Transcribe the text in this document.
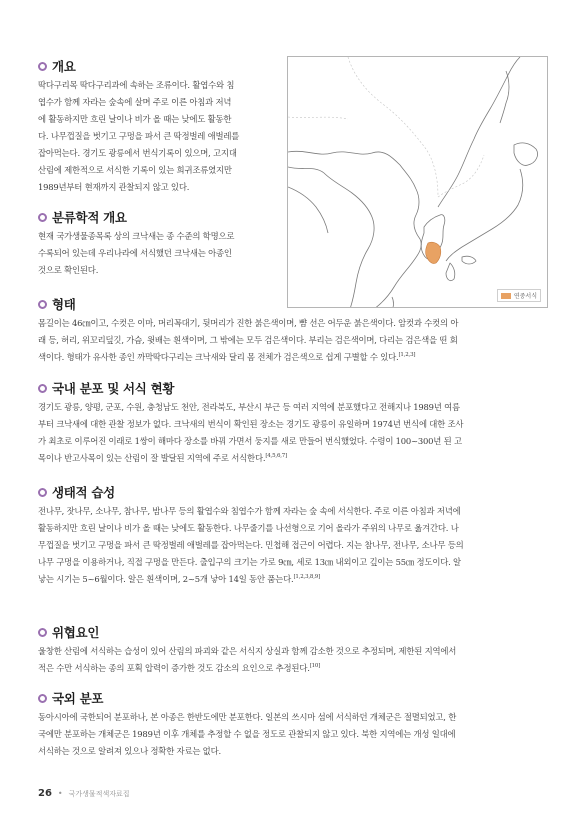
개요
딱다구리목 딱다구리과에 속하는 조류이다. 활엽수와 침
엽수가 함께 자라는 숲속에 살며 주로 이른 아침과 저녁
에 활동하지만 흐린 날이나 비가 올 때는 낮에도 활동한
다. 나무껍질을 벗기고 구멍을 파서 큰 딱정벌레 애벌레를
잡아먹는다. 경기도 광릉에서 번식기록이 있으며, 고지대
산림에 제한적으로 서식한 기록이 있는 희귀조류였지만
1989년부터 현재까지 관찰되지 않고 있다.
분류학적 개요
현재 국가생물종목록 상의 크낙새는 종 수준의 학명으로
수록되어 있는데 우리나라에 서식했던 크낙새는 아종인
것으로 확인된다.
연중서식
형태
몸길이는 46㎝이고, 수컷은 이마, 머리꼭대기, 뒷머리가 진한 붉은색이며, 뺨 선은 어두운 붉은색이다. 암컷과 수컷의 아
래 등, 허리, 위꼬리덮깃, 가슴, 윗배는 흰색이며, 그 밖에는 모두 검은색이다. 부리는 검은색이며, 다리는 검은색을 띤 회
색이다. 형태가 유사한 종인 까막딱다구리는 크낙새와 달리 몸 전체가 검은색으로 쉽게 구별할 수 있다.[1,2,3]
국내 분포 및 서식 현황
경기도 광릉, 양평, 군포, 수원, 충청남도 천안, 전라북도, 부산시 부근 등 여러 지역에 분포했다고 전해지나 1989년 여름
부터 크낙새에 대한 관찰 정보가 없다. 크낙새의 번식이 확인된 장소는 경기도 광릉이 유일하며 1974년 번식에 대한 조사
가 최초로 이루어진 이래로 1쌍이 해마다 장소를 바꿔 가면서 둥지를 새로 만들어 번식했었다. 수령이 100~300년 된 고
목이나 반고사목이 있는 산림이 잘 발달된 지역에 주로 서식한다.[4,5,6,7]
생태적 습성
전나무, 잣나무, 소나무, 참나무, 밤나무 등의 활엽수와 침엽수가 함께 자라는 숲 속에 서식한다. 주로 이른 아침과 저녁에
활동하지만 흐린 날이나 비가 올 때는 낮에도 활동한다. 나무줄기를 나선형으로 기어 올라가 주위의 나무로 옮겨간다. 나
무껍질을 벗기고 구멍을 파서 큰 딱정벌레 애벌레를 잡아먹는다. 민첩해 접근이 어렵다. 지는 참나무, 전나무, 소나무 등의
나무 구멍을 이용하거나, 직접 구멍을 만든다. 출입구의 크기는 가로 9㎝, 세로 13㎝ 내외이고 깊이는 55㎝ 정도이다. 알
낳는 시기는 5~6월이다. 알은 흰색이며, 2~5개 낳아 14일 동안 품는다.[1,2,3,8,9]
위협요인
울창한 산림에 서식하는 습성이 있어 산림의 파괴와 같은 서식지 상실과 함께 감소한 것으로 추정되며, 제한된 지역에서
적은 수만 서식하는 종의 포획 압력이 증가한 것도 감소의 요인으로 추정된다.[10]
국외 분포
동아시아에 국한되어 분포하나, 본 아종은 한반도에만 분포한다. 일본의 쓰시마 섬에 서식하던 개체군은 절멸되었고, 한
국에만 분포하는 개체군은 1989년 이후 개체를 추정할 수 없을 정도로 관찰되지 않고 있다. 북한 지역에는 개성 일대에
서식하는 것으로 알려져 있으나 정확한 자료는 없다.
26 • 국가생물적색자료집
